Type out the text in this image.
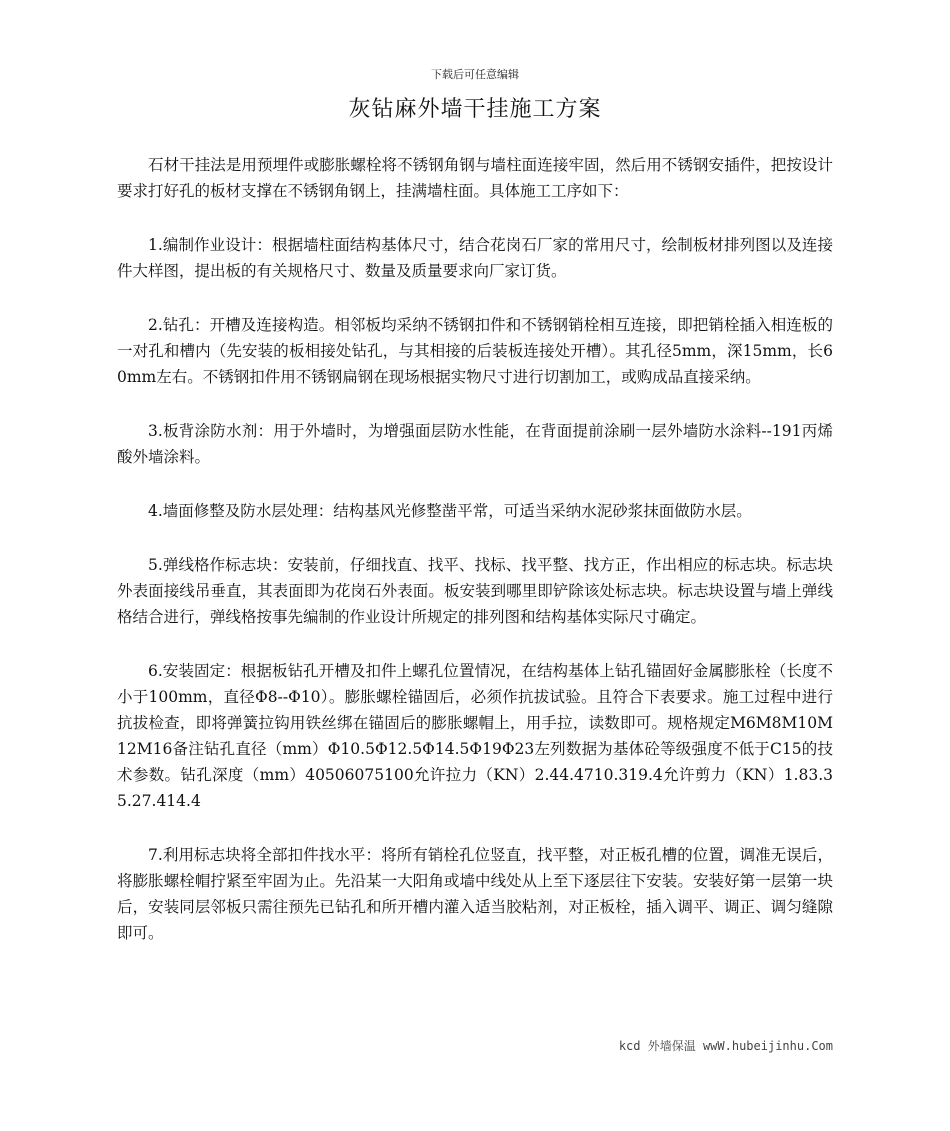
下载后可任意编辑
灰钻麻外墙干挂施工方案

石材干挂法是用预埋件或膨胀螺栓将不锈钢角钢与墙柱面连接牢固，然后用不锈钢安插件，把按设计要求打好孔的板材支撑在不锈钢角钢上，挂满墙柱面。具体施工工序如下：

1.编制作业设计：根据墙柱面结构基体尺寸，结合花岗石厂家的常用尺寸，绘制板材排列图以及连接件大样图，提出板的有关规格尺寸、数量及质量要求向厂家订货。

2.钻孔：开槽及连接构造。相邻板均采纳不锈钢扣件和不锈钢销栓相互连接，即把销栓插入相连板的一对孔和槽内（先安装的板相接处钻孔，与其相接的后装板连接处开槽）。其孔径5mm，深15mm，长60mm左右。不锈钢扣件用不锈钢扁钢在现场根据实物尺寸进行切割加工，或购成品直接采纳。

3.板背涂防水剂：用于外墙时，为增强面层防水性能，在背面提前涂刷一层外墙防水涂料--191丙烯酸外墙涂料。

4.墙面修整及防水层处理：结构基风光修整凿平常，可适当采纳水泥砂浆抹面做防水层。

5.弹线格作标志块：安装前，仔细找直、找平、找标、找平整、找方正，作出相应的标志块。标志块外表面接线吊垂直，其表面即为花岗石外表面。板安装到哪里即铲除该处标志块。标志块设置与墙上弹线格结合进行，弹线格按事先编制的作业设计所规定的排列图和结构基体实际尺寸确定。

6.安装固定：根据板钻孔开槽及扣件上螺孔位置情况，在结构基体上钻孔锚固好金属膨胀栓（长度不小于100mm，直径Φ8--Φ10）。膨胀螺栓锚固后，必须作抗拔试验。且符合下表要求。施工过程中进行抗拔检查，即将弹簧拉钩用铁丝绑在锚固后的膨胀螺帽上，用手拉，读数即可。规格规定M6M8M10M12M16备注钻孔直径（mm）Φ10.5Φ12.5Φ14.5Φ19Φ23左列数据为基体砼等级强度不低于C15的技术参数。钻孔深度（mm）40506075100允许拉力（KN）2.44.4710.319.4允许剪力（KN）1.83.35.27.414.4

7.利用标志块将全部扣件找水平：将所有销栓孔位竖直，找平整，对正板孔槽的位置，调准无误后，将膨胀螺栓帽拧紧至牢固为止。先沿某一大阳角或墙中线处从上至下逐层往下安装。安装好第一层第一块后，安装同层邻板只需往预先已钻孔和所开槽内灌入适当胶粘剂，对正板栓，插入调平、调正、调匀缝隙即可。

kcd 外墙保温 wwW.hubeijinhu.Com
